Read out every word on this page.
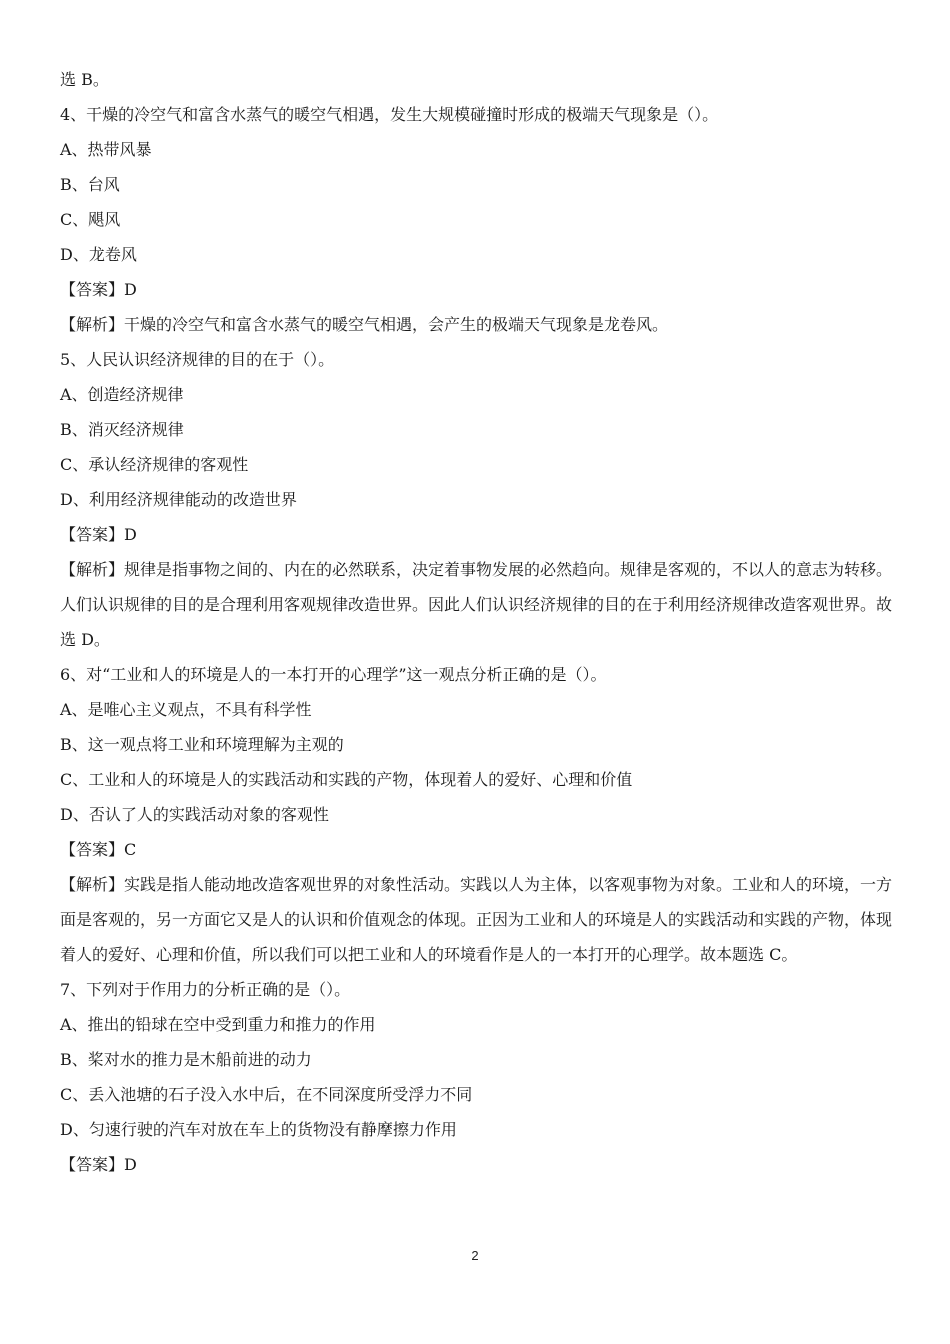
选 B。
4、干燥的冷空气和富含水蒸气的暖空气相遇，发生大规模碰撞时形成的极端天气现象是（）。
A、热带风暴
B、台风
C、飓风
D、龙卷风
【答案】D
【解析】干燥的冷空气和富含水蒸气的暖空气相遇，会产生的极端天气现象是龙卷风。
5、人民认识经济规律的目的在于（）。
A、创造经济规律
B、消灭经济规律
C、承认经济规律的客观性
D、利用经济规律能动的改造世界
【答案】D
【解析】规律是指事物之间的、内在的必然联系，决定着事物发展的必然趋向。规律是客观的，不以人的意志为转移。人们认识规律的目的是合理利用客观规律改造世界。因此人们认识经济规律的目的在于利用经济规律改造客观世界。故选 D。
6、对“工业和人的环境是人的一本打开的心理学”这一观点分析正确的是（）。
A、是唯心主义观点，不具有科学性
B、这一观点将工业和环境理解为主观的
C、工业和人的环境是人的实践活动和实践的产物，体现着人的爱好、心理和价值
D、否认了人的实践活动对象的客观性
【答案】C
【解析】实践是指人能动地改造客观世界的对象性活动。实践以人为主体，以客观事物为对象。工业和人的环境，一方面是客观的，另一方面它又是人的认识和价值观念的体现。正因为工业和人的环境是人的实践活动和实践的产物，体现着人的爱好、心理和价值，所以我们可以把工业和人的环境看作是人的一本打开的心理学。故本题选 C。
7、下列对于作用力的分析正确的是（）。
A、推出的铅球在空中受到重力和推力的作用
B、桨对水的推力是木船前进的动力
C、丢入池塘的石子没入水中后，在不同深度所受浮力不同
D、匀速行驶的汽车对放在车上的货物没有静摩擦力作用
【答案】D
2
